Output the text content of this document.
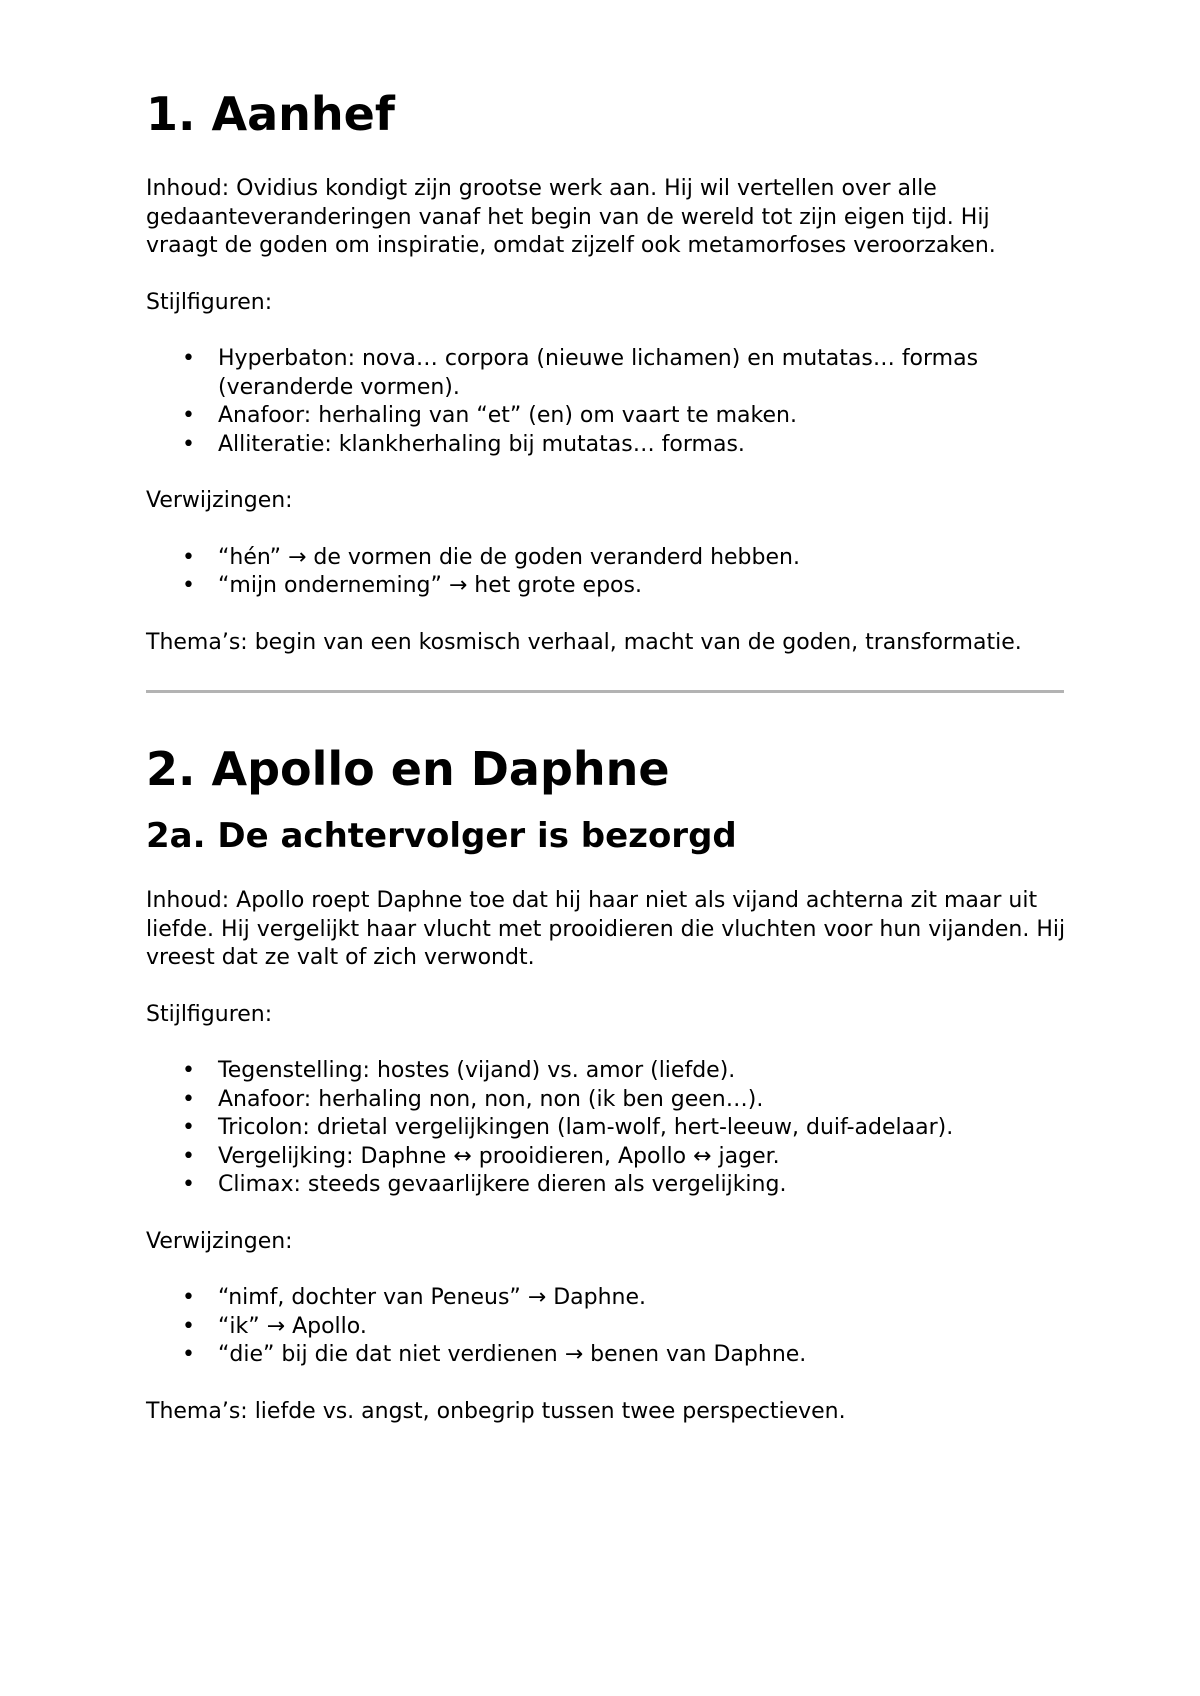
1. Aanhef

Inhoud: Ovidius kondigt zijn grootse werk aan. Hij wil vertellen over alle gedaanteveranderingen vanaf het begin van de wereld tot zijn eigen tijd. Hij vraagt de goden om inspiratie, omdat zijzelf ook metamorfoses veroorzaken.

Stijlfiguren:

• Hyperbaton: nova… corpora (nieuwe lichamen) en mutatas… formas (veranderde vormen).
• Anafoor: herhaling van “et” (en) om vaart te maken.
• Alliteratie: klankherhaling bij mutatas… formas.

Verwijzingen:

• “hén” → de vormen die de goden veranderd hebben.
• “mijn onderneming” → het grote epos.

Thema’s: begin van een kosmisch verhaal, macht van de goden, transformatie.

2. Apollo en Daphne
2a. De achtervolger is bezorgd

Inhoud: Apollo roept Daphne toe dat hij haar niet als vijand achterna zit maar uit liefde. Hij vergelijkt haar vlucht met prooidieren die vluchten voor hun vijanden. Hij vreest dat ze valt of zich verwondt.

Stijlfiguren:

• Tegenstelling: hostes (vijand) vs. amor (liefde).
• Anafoor: herhaling non, non, non (ik ben geen…).
• Tricolon: drietal vergelijkingen (lam-wolf, hert-leeuw, duif-adelaar).
• Vergelijking: Daphne ↔ prooidieren, Apollo ↔ jager.
• Climax: steeds gevaarlijkere dieren als vergelijking.

Verwijzingen:

• “nimf, dochter van Peneus” → Daphne.
• “ik” → Apollo.
• “die” bij die dat niet verdienen → benen van Daphne.

Thema’s: liefde vs. angst, onbegrip tussen twee perspectieven.
